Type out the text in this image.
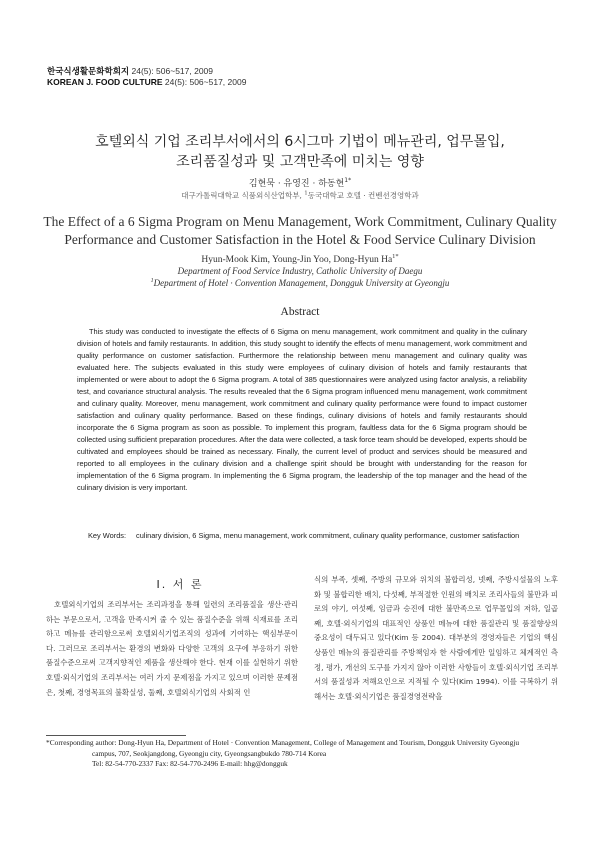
한국식생활문화학회지 24(5): 506~517, 2009
KOREAN J. FOOD CULTURE 24(5): 506~517, 2009
호텔외식 기업 조리부서에서의 6시그마 기법이 메뉴관리, 업무몰입,
조리품질성과 및 고객만족에 미치는 영향
김현묵 · 유영진 · 하동현$^{1*}$
대구가톨릭대학교 식품외식산업학부, $^1$동국대학교 호텔 · 컨벤션경영학과
The Effect of a 6 Sigma Program on Menu Management, Work Commitment, Culinary Quality
Performance and Customer Satisfaction in the Hotel & Food Service Culinary Division
Hyun-Mook Kim, Young-Jin Yoo, Dong-Hyun $Ha^{1*}$
Department of Food Service Industry, Catholic University of Daegu
$^1$Department of Hotel · Convention Management, Dongguk University at Gyeongju
Abstract
This study was conducted to investigate the effects of 6 Sigma on menu management, work commitment and quality in the culinary division of hotels and family restaurants. In addition, this study sought to identify the effects of menu management, work commitment and quality performance on customer satisfaction. Furthermore the relationship between menu management and culinary quality was evaluated here. The subjects evaluated in this study were employees of culinary division of hotels and family restaurants that implemented or were about to adopt the 6 Sigma program. A total of 385 questionnaires were analyzed using factor analysis, a reliability test, and covariance structural analysis. The results revealed that the 6 Sigma program influenced menu management, work commitment and culinary quality. Moreover, menu management, work commitment and culinary quality performance were found to impact customer satisfaction and culinary quality performance. Based on these findings, culinary divisions of hotels and family restaurants should incorporate the 6 Sigma program as soon as possible. To implement this program, faultless data for the 6 Sigma program should be collected using sufficient preparation procedures. After the data were collected, a task force team should be developed, experts should be cultivated and employees should be trained as necessary. Finally, the current level of product and services should be measured and reported to all employees in the culinary division and a challenge spirit should be brought with understanding for the reason for implementation of the 6 Sigma program. In implementing the 6 Sigma program, the leadership of the top manager and the head of the culinary division is very important.
Key Words: culinary division, 6 Sigma, menu management, work commitment, culinary quality performance, customer satisfaction
Ⅰ. 서 론
호텔외식기업의 조리부서는 조리과정을 통해 일련의 조리품질을 생산·관리하는 부문으로서, 고객을 만족시켜 줄 수 있는 품질수준을 위해 식재료를 조리하고 메뉴를 관리함으로써 호텔외식기업조직의 성과에 기여하는 핵심부문이다. 그러므로 조리부서는 환경의 변화와 다양한 고객의 요구에 부응하기 위한 품질수준으로써 고객지향적인 제품을 생산해야 한다. 현재 이를 실현하기 위한 호텔·외식기업의 조리부서는 여러 가지 문제점을 가지고 있으며 이러한 문제점은, 첫째, 경영목표의 불확실성, 둘째, 호텔외식기업의 사회적 인
식의 부족, 셋째, 주방의 규모와 위치의 불합리성, 넷째, 주방시설물의 노후화 및 불합리한 배치, 다섯째, 부적절한 인원의 배치로 조리사들의 불만과 피로의 야기, 여섯째, 임금과 승진에 대한 불만족으로 업무몰입의 저하, 일곱째, 호텔·외식기업의 대표적인 상품인 메뉴에 대한 품질관리 및 품질향상의 중요성이 대두되고 있다(Kim 등 2004). 대부분의 경영자들은 기업의 핵심 상품인 메뉴의 품질관리를 주방책임자 한 사람에게만 일임하고 체계적인 측정, 평가, 개선의 도구를 가지지 않아 이러한 사항들이 호텔·외식기업 조리부서의 품질성과 저해요인으로 지적될 수 있다(Kim 1994). 이를 극복하기 위해서는 호텔·외식기업은 품질경영전략을
*Corresponding author: Dong-Hyun Ha, Department of Hotel · Convention Management, College of Management and Tourism, Dongguk University Gyeongju
campus, 707, Seokjangdong, Gyeongju city, Gyeongsangbukdo 780-714 Korea
Tel: 82-54-770-2337 Fax: 82-54-770-2496 E-mail: hhg@dongguk
